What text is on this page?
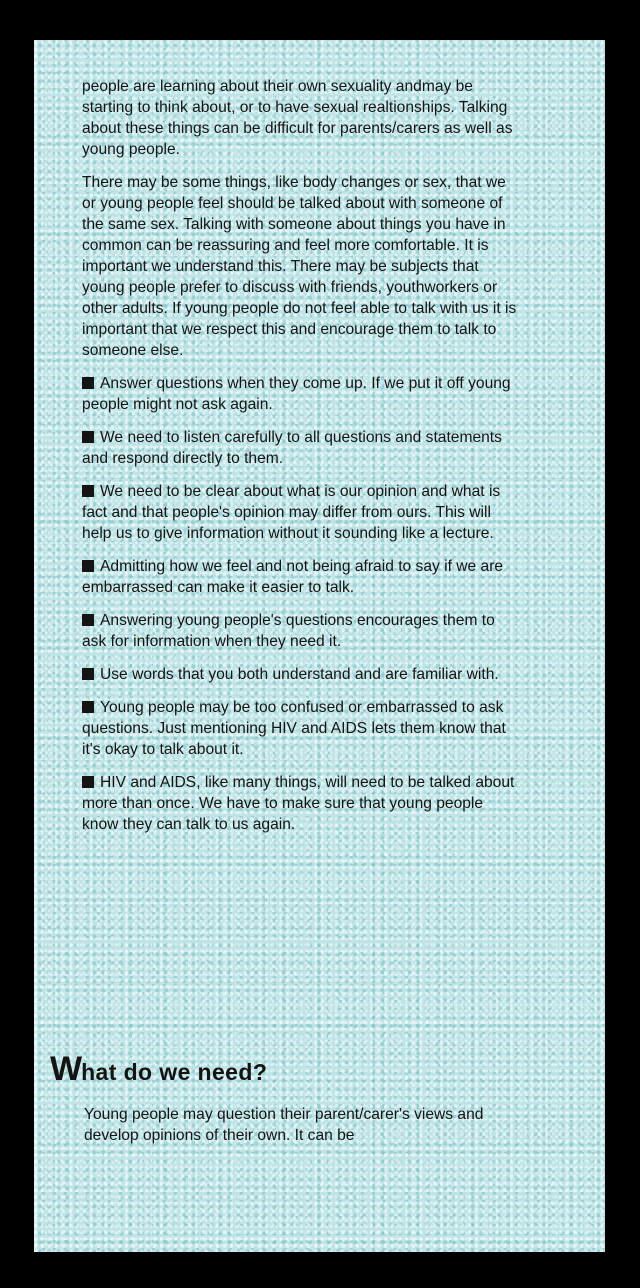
people are learning about their own sexuality andmay be starting to think about, or to have sexual realtionships. Talking about these things can be difficult for parents/carers as well as young people.

There may be some things, like body changes or sex, that we or young people feel should be talked about with someone of the same sex. Talking with someone about things you have in common can be reassuring and feel more comfortable. It is important we understand this. There may be subjects that young people prefer to discuss with friends, youthworkers or other adults. If young people do not feel able to talk with us it is important that we respect this and encourage them to talk to someone else.

Answer questions when they come up. If we put it off young people might not ask again.

We need to listen carefully to all questions and statements and respond directly to them.

We need to be clear about what is our opinion and what is fact and that people's opinion may differ from ours. This will help us to give information without it sounding like a lecture.

Admitting how we feel and not being afraid to say if we are embarrassed can make it easier to talk.

Answering young people's questions encourages them to ask for information when they need it.

Use words that you both understand and are familiar with.

Young people may be too confused or embarrassed to ask questions. Just mentioning HIV and AIDS lets them know that it's okay to talk about it.

HIV and AIDS, like many things, will need to be talked about more than once. We have to make sure that young people know they can talk to us again.

What do we need?

Young people may question their parent/carer's views and develop opinions of their own. It can be
